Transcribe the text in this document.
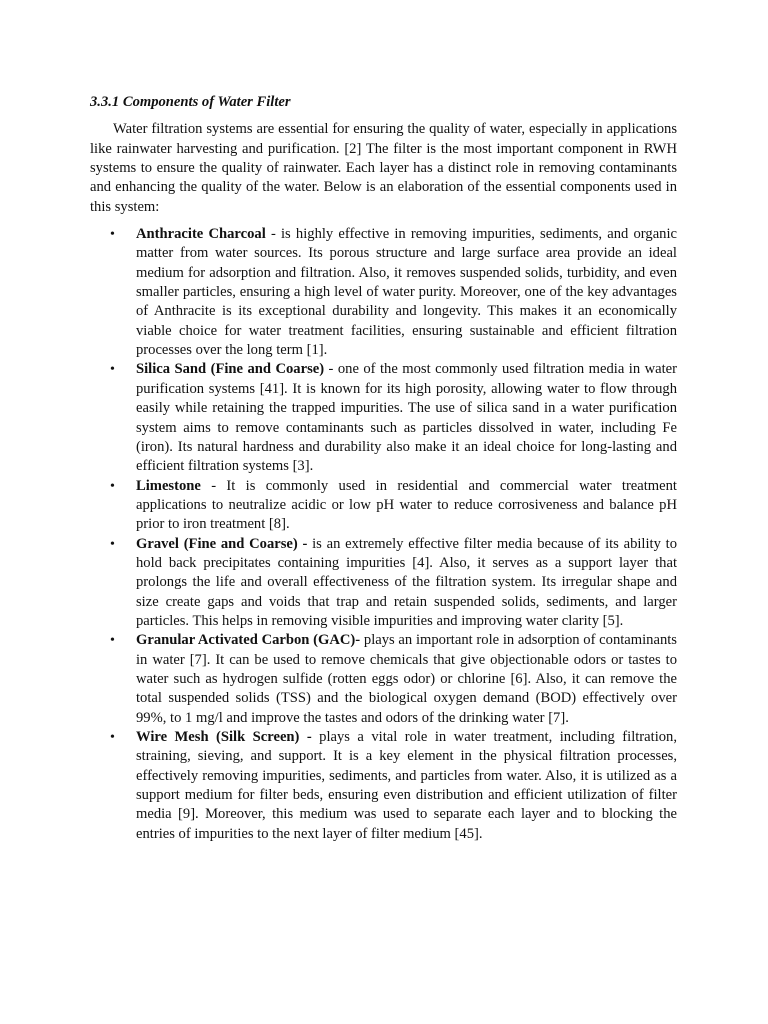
3.3.1 Components of Water Filter

Water filtration systems are essential for ensuring the quality of water, especially in applications like rainwater harvesting and purification. [2] The filter is the most important component in RWH systems to ensure the quality of rainwater. Each layer has a distinct role in removing contaminants and enhancing the quality of the water. Below is an elaboration of the essential components used in this system:

• Anthracite Charcoal - is highly effective in removing impurities, sediments, and organic matter from water sources. Its porous structure and large surface area provide an ideal medium for adsorption and filtration. Also, it removes suspended solids, turbidity, and even smaller particles, ensuring a high level of water purity. Moreover, one of the key advantages of Anthracite is its exceptional durability and longevity. This makes it an economically viable choice for water treatment facilities, ensuring sustainable and efficient filtration processes over the long term [1].
• Silica Sand (Fine and Coarse) - one of the most commonly used filtration media in water purification systems [41]. It is known for its high porosity, allowing water to flow through easily while retaining the trapped impurities. The use of silica sand in a water purification system aims to remove contaminants such as particles dissolved in water, including Fe (iron). Its natural hardness and durability also make it an ideal choice for long-lasting and efficient filtration systems [3].
• Limestone - It is commonly used in residential and commercial water treatment applications to neutralize acidic or low pH water to reduce corrosiveness and balance pH prior to iron treatment [8].
• Gravel (Fine and Coarse) - is an extremely effective filter media because of its ability to hold back precipitates containing impurities [4]. Also, it serves as a support layer that prolongs the life and overall effectiveness of the filtration system. Its irregular shape and size create gaps and voids that trap and retain suspended solids, sediments, and larger particles. This helps in removing visible impurities and improving water clarity [5].
• Granular Activated Carbon (GAC)- plays an important role in adsorption of contaminants in water [7]. It can be used to remove chemicals that give objectionable odors or tastes to water such as hydrogen sulfide (rotten eggs odor) or chlorine [6]. Also, it can remove the total suspended solids (TSS) and the biological oxygen demand (BOD) effectively over 99%, to 1 mg/l and improve the tastes and odors of the drinking water [7].
• Wire Mesh (Silk Screen) - plays a vital role in water treatment, including filtration, straining, sieving, and support. It is a key element in the physical filtration processes, effectively removing impurities, sediments, and particles from water. Also, it is utilized as a support medium for filter beds, ensuring even distribution and efficient utilization of filter media [9]. Moreover, this medium was used to separate each layer and to blocking the entries of impurities to the next layer of filter medium [45].
